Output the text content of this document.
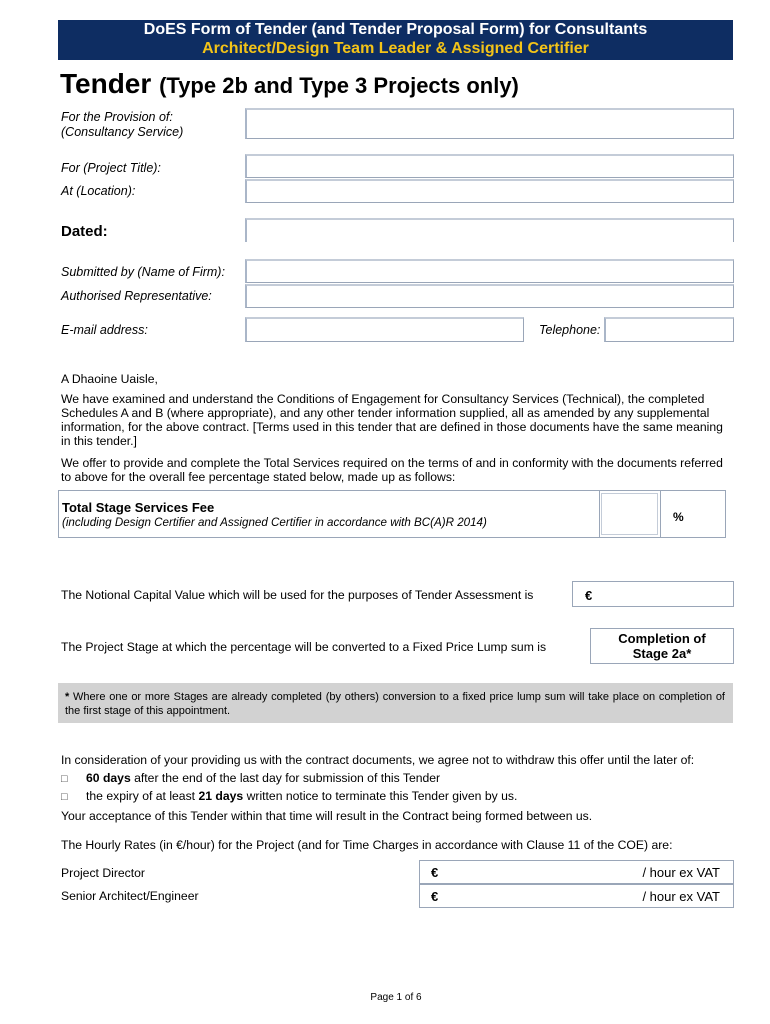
DoES Form of Tender (and Tender Proposal Form) for Consultants
Architect/Design Team Leader & Assigned Certifier
Tender (Type 2b and Type 3 Projects only)
For the Provision of:
(Consultancy Service)
For (Project Title):
At (Location):
Dated:
Submitted by (Name of Firm):
Authorised Representative:
E-mail address:	Telephone:
A Dhaoine Uaisle,
We have examined and understand the Conditions of Engagement for Consultancy Services (Technical), the completed Schedules A and B (where appropriate), and any other tender information supplied, all as amended by any supplemental information, for the above contract. [Terms used in this tender that are defined in those documents have the same meaning in this tender.]
We offer to provide and complete the Total Services required on the terms of and in conformity with the documents referred to above for the overall fee percentage stated below, made up as follows:
Total Stage Services Fee
(including Design Certifier and Assigned Certifier in accordance with BC(A)R 2014)	%
The Notional Capital Value which will be used for the purposes of Tender Assessment is	€
The Project Stage at which the percentage will be converted to a Fixed Price Lump sum is
Completion of
Stage 2a*
* Where one or more Stages are already completed (by others) conversion to a fixed price lump sum will take place on completion of the first stage of this appointment.
In consideration of your providing us with the contract documents, we agree not to withdraw this offer until the later of:
□ 60 days after the end of the last day for submission of this Tender
□ the expiry of at least 21 days written notice to terminate this Tender given by us.
Your acceptance of this Tender within that time will result in the Contract being formed between us.
The Hourly Rates (in €/hour) for the Project (and for Time Charges in accordance with Clause 11 of the COE) are:
Project Director	€	/ hour ex VAT
Senior Architect/Engineer	€	/ hour ex VAT
Page 1 of 6
